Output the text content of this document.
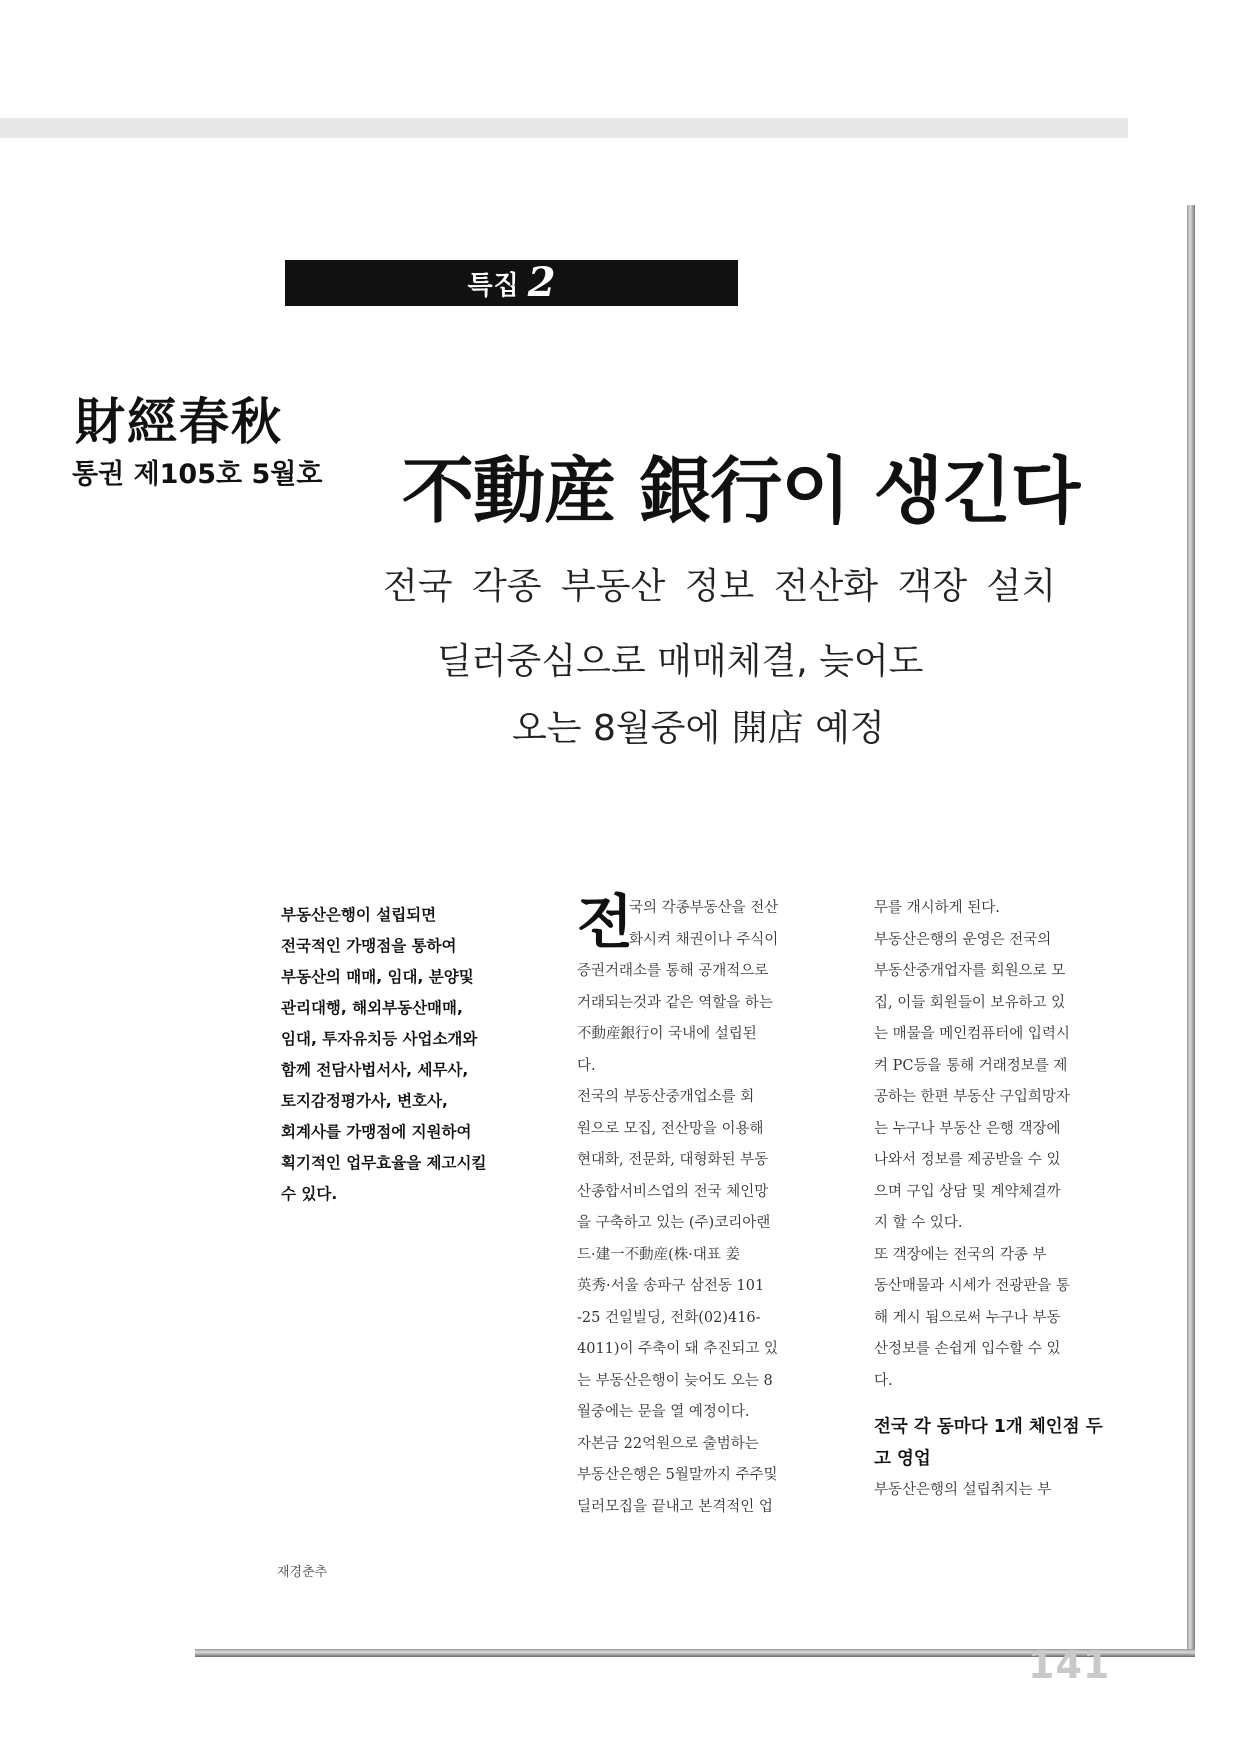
특집 2
財經春秋
통권 제105호 5월호 不動産 銀行이 생긴다
전국 각종 부동산 정보 전산화 객장 설치
딜러중심으로 매매체결, 늦어도
오는 8월중에 開店 예정
부동산은행이 설립되면
전국적인 가맹점을 통하여
부동산의 매매, 임대, 분양및
관리대행, 해외부동산매매,
임대, 투자유치등 사업소개와
함께 전담사법서사, 세무사,
토지감정평가사, 변호사,
회계사를 가맹점에 지원하여
획기적인 업무효율을 제고시킬
수 있다.
전
국의 각종부동산을 전산
화시켜 채권이나 주식이
증권거래소를 통해 공개적으로
거래되는것과 같은 역할을 하는
不動産銀行이 국내에 설립된
다.
전국의 부동산중개업소를 회
원으로 모집, 전산망을 이용해
현대화, 전문화, 대형화된 부동
산종합서비스업의 전국 체인망
을 구축하고 있는 (주)코리아랜
드·建一不動産(株·대표 姜
英秀·서울 송파구 삼전동 101
-25 건일빌딩, 전화(02)416-
4011)이 주축이 돼 추진되고 있
는 부동산은행이 늦어도 오는 8
월중에는 문을 열 예정이다.
자본금 22억원으로 출범하는
부동산은행은 5월말까지 주주및
딜러모집을 끝내고 본격적인 업
무를 개시하게 된다.
부동산은행의 운영은 전국의
부동산중개업자를 회원으로 모
집, 이들 회원들이 보유하고 있
는 매물을 메인컴퓨터에 입력시
켜 PC등을 통해 거래정보를 제
공하는 한편 부동산 구입희망자
는 누구나 부동산 은행 객장에
나와서 정보를 제공받을 수 있
으며 구입 상담 및 계약체결까
지 할 수 있다.
또 객장에는 전국의 각종 부
동산매물과 시세가 전광판을 통
해 게시 됨으로써 누구나 부동
산정보를 손쉽게 입수할 수 있
다.
전국 각 동마다 1개 체인점 두
고 영업
부동산은행의 설립취지는 부
재경춘추
141
